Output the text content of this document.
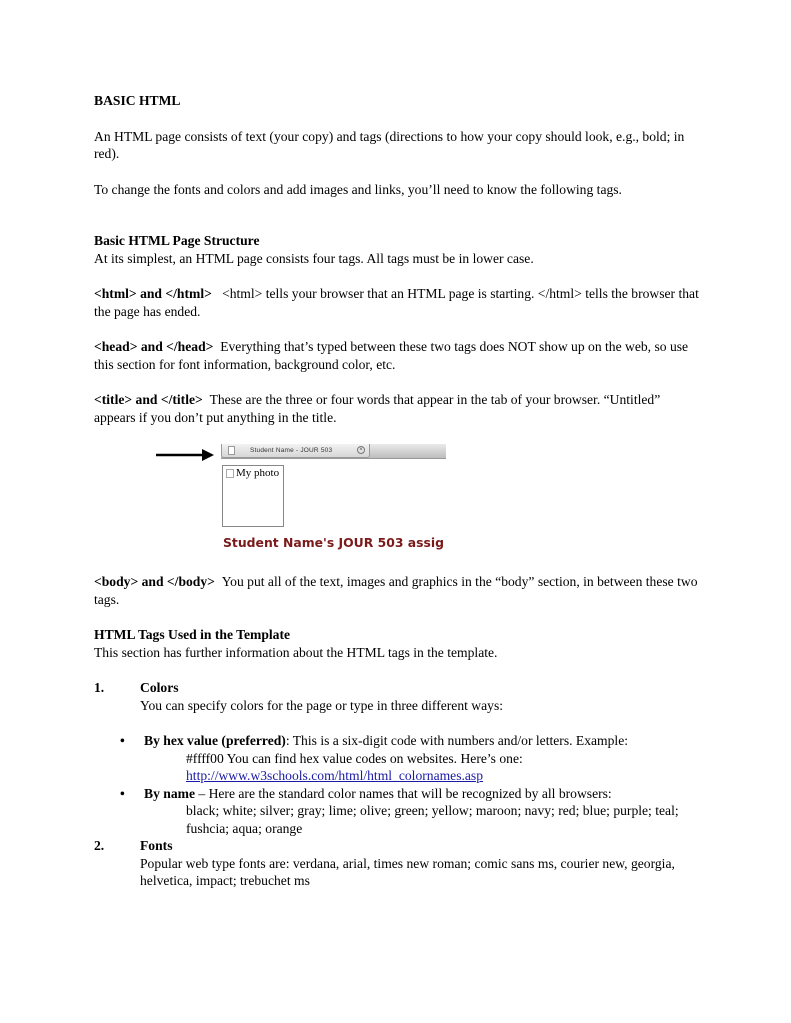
BASIC HTML

An HTML page consists of text (your copy) and tags (directions to how your copy should look, e.g., bold; in red).

To change the fonts and colors and add images and links, you’ll need to know the following tags.

Basic HTML Page Structure

At its simplest, an HTML page consists four tags. All tags must be in lower case.

<html> and </html> <html> tells your browser that an HTML page is starting. </html> tells the browser that the page has ended.

<head> and </head> Everything that’s typed between these two tags does NOT show up on the web, so use this section for font information, background color, etc.

<title> and </title> These are the three or four words that appear in the tab of your browser. “Untitled” appears if you don’t put anything in the title.

Student Name - JOUR 503	×
My photo
Student Name's JOUR 503 assig

<body> and </body> You put all of the text, images and graphics in the “body” section, in between these two tags.

HTML Tags Used in the Template

This section has further information about the HTML tags in the template.

1.	Colors

You can specify colors for the page or type in three different ways:

• By hex value (preferred): This is a six-digit code with numbers and/or letters. Example:

#ffff00 You can find hex value codes on websites. Here’s one:

http://www.w3schools.com/html/html_colornames.asp

• By name – Here are the standard color names that will be recognized by all browsers:

black; white; silver; gray; lime; olive; green; yellow; maroon; navy; red; blue; purple; teal; fushcia; aqua; orange

2.	Fonts

Popular web type fonts are: verdana, arial, times new roman; comic sans ms, courier new, georgia, helvetica, impact; trebuchet ms
